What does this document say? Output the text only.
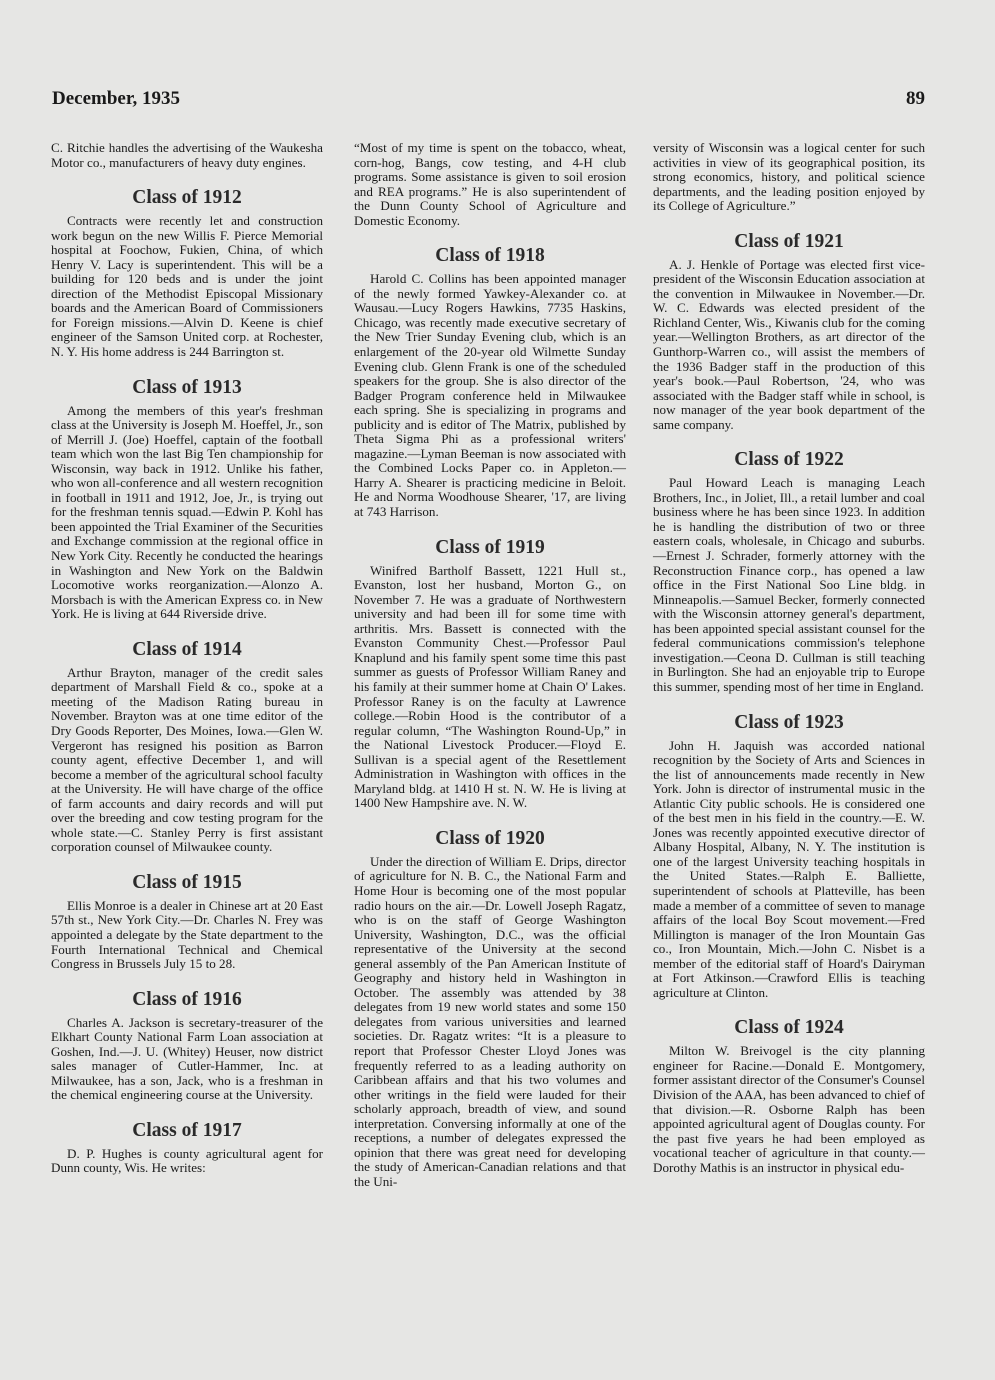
December, 1935	89

C. Ritchie handles the advertising of the Waukesha Motor co., manufacturers of heavy duty engines.

Class of 1912

Contracts were recently let and construction work begun on the new Willis F. Pierce Memorial hospital at Foochow, Fukien, China, of which Henry V. Lacy is superintendent. This will be a building for 120 beds and is under the joint direction of the Methodist Episcopal Missionary boards and the American Board of Commissioners for Foreign missions.—Alvin D. Keene is chief engineer of the Samson United corp. at Rochester, N. Y. His home address is 244 Barrington st.

Class of 1913

Among the members of this year's freshman class at the University is Joseph M. Hoeffel, Jr., son of Merrill J. (Joe) Hoeffel, captain of the football team which won the last Big Ten championship for Wisconsin, way back in 1912. Unlike his father, who won all-conference and all western recognition in football in 1911 and 1912, Joe, Jr., is trying out for the freshman tennis squad.—Edwin P. Kohl has been appointed the Trial Examiner of the Securities and Exchange commission at the regional office in New York City. Recently he conducted the hearings in Washington and New York on the Baldwin Locomotive works reorganization.—Alonzo A. Morsbach is with the American Express co. in New York. He is living at 644 Riverside drive.

Class of 1914

Arthur Brayton, manager of the credit sales department of Marshall Field & co., spoke at a meeting of the Madison Rating bureau in November. Brayton was at one time editor of the Dry Goods Reporter, Des Moines, Iowa.—Glen W. Vergeront has resigned his position as Barron county agent, effective December 1, and will become a member of the agricultural school faculty at the University. He will have charge of the office of farm accounts and dairy records and will put over the breeding and cow testing program for the whole state.—C. Stanley Perry is first assistant corporation counsel of Milwaukee county.

Class of 1915

Ellis Monroe is a dealer in Chinese art at 20 East 57th st., New York City.—Dr. Charles N. Frey was appointed a delegate by the State department to the Fourth International Technical and Chemical Congress in Brussels July 15 to 28.

Class of 1916

Charles A. Jackson is secretary-treasurer of the Elkhart County National Farm Loan association at Goshen, Ind.—J. U. (Whitey) Heuser, now district sales manager of Cutler-Hammer, Inc. at Milwaukee, has a son, Jack, who is a freshman in the chemical engineering course at the University.

Class of 1917

D. P. Hughes is county agricultural agent for Dunn county, Wis. He writes:

“Most of my time is spent on the tobacco, wheat, corn-hog, Bangs, cow testing, and 4-H club programs. Some assistance is given to soil erosion and REA programs.” He is also superintendent of the Dunn County School of Agriculture and Domestic Economy.

Class of 1918

Harold C. Collins has been appointed manager of the newly formed Yawkey-Alexander co. at Wausau.—Lucy Rogers Hawkins, 7735 Haskins, Chicago, was recently made executive secretary of the New Trier Sunday Evening club, which is an enlargement of the 20-year old Wilmette Sunday Evening club. Glenn Frank is one of the scheduled speakers for the group. She is also director of the Badger Program conference held in Milwaukee each spring. She is specializing in programs and publicity and is editor of The Matrix, published by Theta Sigma Phi as a professional writers' magazine.—Lyman Beeman is now associated with the Combined Locks Paper co. in Appleton.—Harry A. Shearer is practicing medicine in Beloit. He and Norma Woodhouse Shearer, '17, are living at 743 Harrison.

Class of 1919

Winifred Bartholf Bassett, 1221 Hull st., Evanston, lost her husband, Morton G., on November 7. He was a graduate of Northwestern university and had been ill for some time with arthritis. Mrs. Bassett is connected with the Evanston Community Chest.—Professor Paul Knaplund and his family spent some time this past summer as guests of Professor William Raney and his family at their summer home at Chain O' Lakes. Professor Raney is on the faculty at Lawrence college.—Robin Hood is the contributor of a regular column, “The Washington Round-Up,” in the National Livestock Producer.—Floyd E. Sullivan is a special agent of the Resettlement Administration in Washington with offices in the Maryland bldg. at 1410 H st. N. W. He is living at 1400 New Hampshire ave. N. W.

Class of 1920

Under the direction of William E. Drips, director of agriculture for N. B. C., the National Farm and Home Hour is becoming one of the most popular radio hours on the air.—Dr. Lowell Joseph Ragatz, who is on the staff of George Washington University, Washington, D.C., was the official representative of the University at the second general assembly of the Pan American Institute of Geography and history held in Washington in October. The assembly was attended by 38 delegates from 19 new world states and some 150 delegates from various universities and learned societies. Dr. Ragatz writes: “It is a pleasure to report that Professor Chester Lloyd Jones was frequently referred to as a leading authority on Caribbean affairs and that his two volumes and other writings in the field were lauded for their scholarly approach, breadth of view, and sound interpretation. Conversing informally at one of the receptions, a number of delegates expressed the opinion that there was great need for developing the study of American-Canadian relations and that the Uni-

versity of Wisconsin was a logical center for such activities in view of its geographical position, its strong economics, history, and political science departments, and the leading position enjoyed by its College of Agriculture.”

Class of 1921

A. J. Henkle of Portage was elected first vice-president of the Wisconsin Education association at the convention in Milwaukee in November.—Dr. W. C. Edwards was elected president of the Richland Center, Wis., Kiwanis club for the coming year.—Wellington Brothers, as art director of the Gunthorp-Warren co., will assist the members of the 1936 Badger staff in the production of this year's book.—Paul Robertson, '24, who was associated with the Badger staff while in school, is now manager of the year book department of the same company.

Class of 1922

Paul Howard Leach is managing Leach Brothers, Inc., in Joliet, Ill., a retail lumber and coal business where he has been since 1923. In addition he is handling the distribution of two or three eastern coals, wholesale, in Chicago and suburbs.—Ernest J. Schrader, formerly attorney with the Reconstruction Finance corp., has opened a law office in the First National Soo Line bldg. in Minneapolis.—Samuel Becker, formerly connected with the Wisconsin attorney general's department, has been appointed special assistant counsel for the federal communications commission's telephone investigation.—Ceona D. Cullman is still teaching in Burlington. She had an enjoyable trip to Europe this summer, spending most of her time in England.

Class of 1923

John H. Jaquish was accorded national recognition by the Society of Arts and Sciences in the list of announcements made recently in New York. John is director of instrumental music in the Atlantic City public schools. He is considered one of the best men in his field in the country.—E. W. Jones was recently appointed executive director of Albany Hospital, Albany, N. Y. The institution is one of the largest University teaching hospitals in the United States.—Ralph E. Balliette, superintendent of schools at Platteville, has been made a member of a committee of seven to manage affairs of the local Boy Scout movement.—Fred Millington is manager of the Iron Mountain Gas co., Iron Mountain, Mich.—John C. Nisbet is a member of the editorial staff of Hoard's Dairyman at Fort Atkinson.—Crawford Ellis is teaching agriculture at Clinton.

Class of 1924

Milton W. Breivogel is the city planning engineer for Racine.—Donald E. Montgomery, former assistant director of the Consumer's Counsel Division of the AAA, has been advanced to chief of that division.—R. Osborne Ralph has been appointed agricultural agent of Douglas county. For the past five years he had been employed as vocational teacher of agriculture in that county.—Dorothy Mathis is an instructor in physical edu-
